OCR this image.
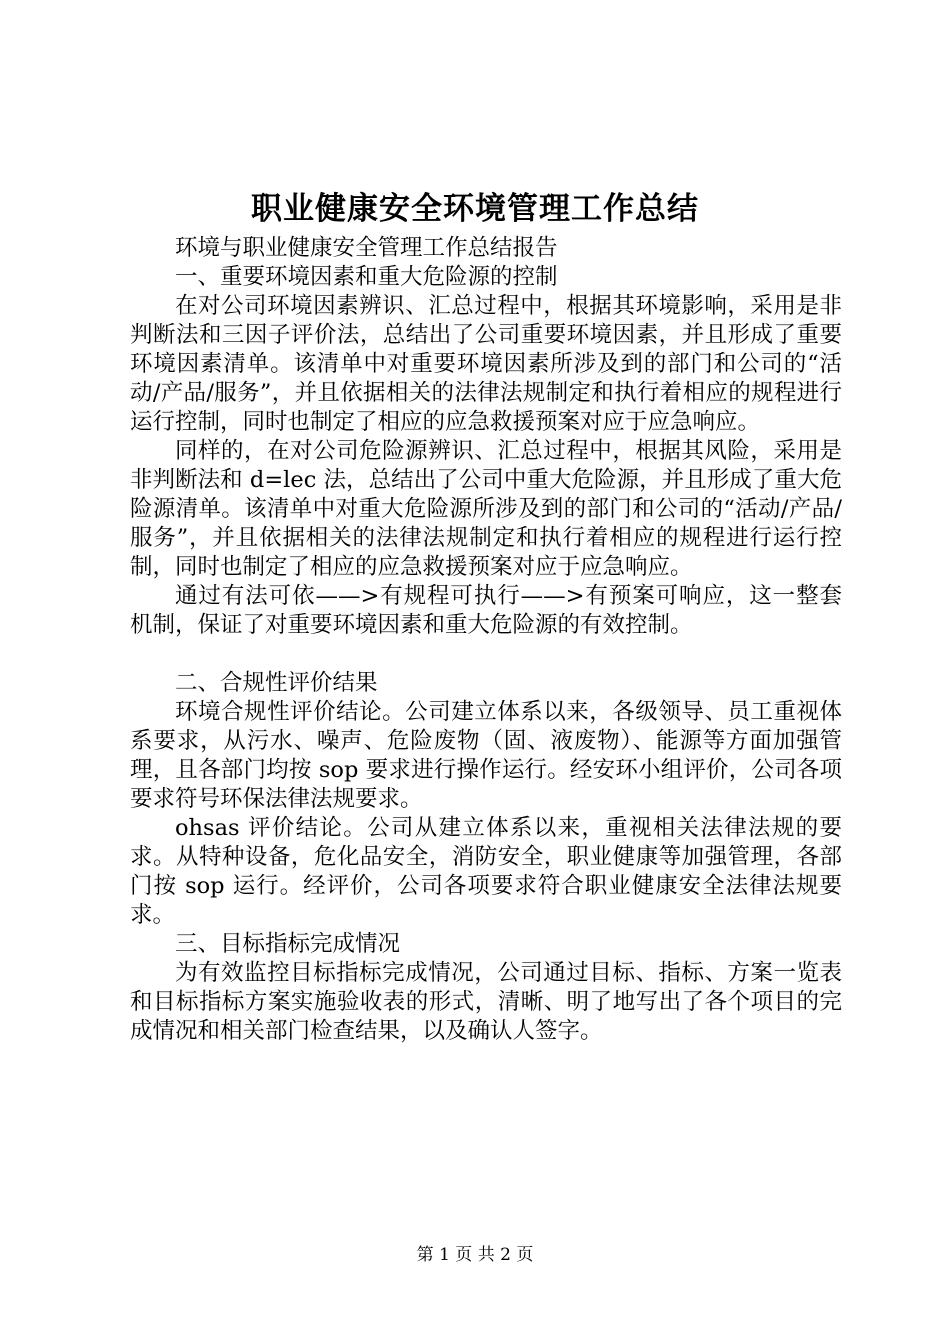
职业健康安全环境管理工作总结

环境与职业健康安全管理工作总结报告

一、重要环境因素和重大危险源的控制

在对公司环境因素辨识、汇总过程中，根据其环境影响，采用是非判断法和三因子评价法，总结出了公司重要环境因素，并且形成了重要环境因素清单。该清单中对重要环境因素所涉及到的部门和公司的“活动/产品/服务”，并且依据相关的法律法规制定和执行着相应的规程进行运行控制，同时也制定了相应的应急救援预案对应于应急响应。

同样的，在对公司危险源辨识、汇总过程中，根据其风险，采用是非判断法和 d=lec 法，总结出了公司中重大危险源，并且形成了重大危险源清单。该清单中对重大危险源所涉及到的部门和公司的“活动/产品/服务”，并且依据相关的法律法规制定和执行着相应的规程进行运行控制，同时也制定了相应的应急救援预案对应于应急响应。

通过有法可依——>有规程可执行——>有预案可响应，这一整套机制，保证了对重要环境因素和重大危险源的有效控制。

二、合规性评价结果

环境合规性评价结论。公司建立体系以来，各级领导、员工重视体系要求，从污水、噪声、危险废物（固、液废物）、能源等方面加强管理，且各部门均按 sop 要求进行操作运行。经安环小组评价，公司各项要求符号环保法律法规要求。

ohsas 评价结论。公司从建立体系以来，重视相关法律法规的要求。从特种设备，危化品安全，消防安全，职业健康等加强管理，各部门按 sop 运行。经评价，公司各项要求符合职业健康安全法律法规要求。

三、目标指标完成情况

为有效监控目标指标完成情况，公司通过目标、指标、方案一览表和目标指标方案实施验收表的形式，清晰、明了地写出了各个项目的完成情况和相关部门检查结果，以及确认人签字。

第 1 页 共 2 页
